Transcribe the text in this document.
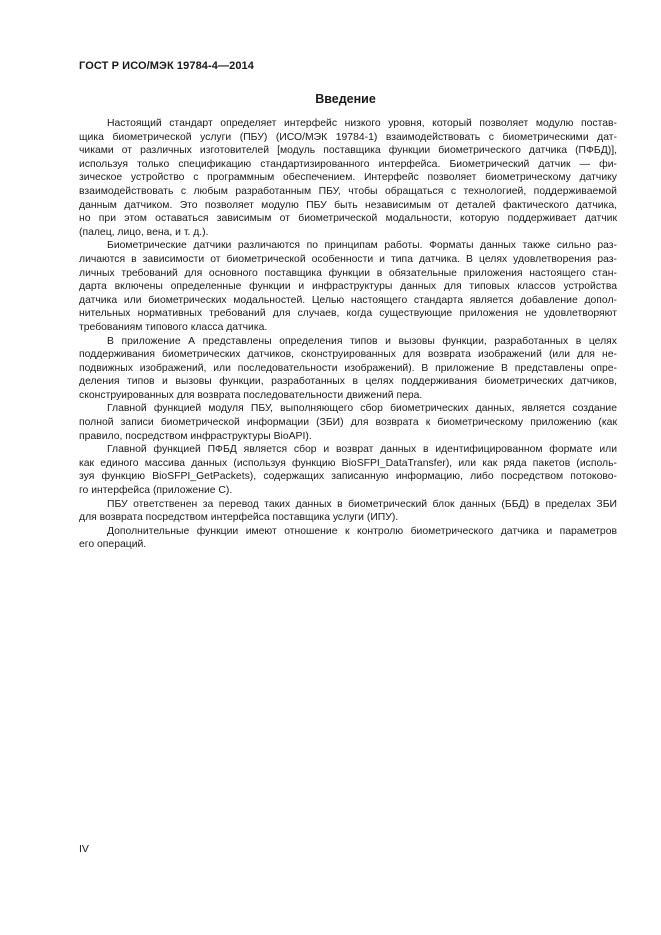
ГОСТ Р ИСО/МЭК 19784-4—2014
Введение

Настоящий стандарт определяет интерфейс низкого уровня, который позволяет модулю постав-
щика биометрической услуги (ПБУ) (ИСО/МЭК 19784-1) взаимодействовать с биометрическими дат-
чиками от различных изготовителей [модуль поставщика функции биометрического датчика (ПФБД)],
используя только спецификацию стандартизированного интерфейса. Биометрический датчик — фи-
зическое устройство с программным обеспечением. Интерфейс позволяет биометрическому датчику
взаимодействовать с любым разработанным ПБУ, чтобы обращаться с технологией, поддерживаемой
данным датчиком. Это позволяет модулю ПБУ быть независимым от деталей фактического датчика,
но при этом оставаться зависимым от биометрической модальности, которую поддерживает датчик
(палец, лицо, вена, и т. д.).

Биометрические датчики различаются по принципам работы. Форматы данных также сильно раз-
личаются в зависимости от биометрической особенности и типа датчика. В целях удовлетворения раз-
личных требований для основного поставщика функции в обязательные приложения настоящего стан-
дарта включены определенные функции и инфраструктуры данных для типовых классов устройства
датчика или биометрических модальностей. Целью настоящего стандарта является добавление допол-
нительных нормативных требований для случаев, когда существующие приложения не удовлетворяют
требованиям типового класса датчика.

В приложение А представлены определения типов и вызовы функции, разработанных в целях
поддерживания биометрических датчиков, сконструированных для возврата изображений (или для не-
подвижных изображений, или последовательности изображений). В приложение В представлены опре-
деления типов и вызовы функции, разработанных в целях поддерживания биометрических датчиков,
сконструированных для возврата последовательности движений пера.

Главной функцией модуля ПБУ, выполняющего сбор биометрических данных, является создание
полной записи биометрической информации (ЗБИ) для возврата к биометрическому приложению (как
правило, посредством инфраструктуры BioAPI).

Главной функцией ПФБД является сбор и возврат данных в идентифицированном формате или
как единого массива данных (используя функцию BioSFPI_DataTransfer), или как ряда пакетов (исполь-
зуя функцию BioSFPI_GetPackets), содержащих записанную информацию, либо посредством потоково-
го интерфейса (приложение С).

ПБУ ответственен за перевод таких данных в биометрический блок данных (ББД) в пределах ЗБИ
для возврата посредством интерфейса поставщика услуги (ИПУ).

Дополнительные функции имеют отношение к контролю биометрического датчика и параметров
его операций.

IV
